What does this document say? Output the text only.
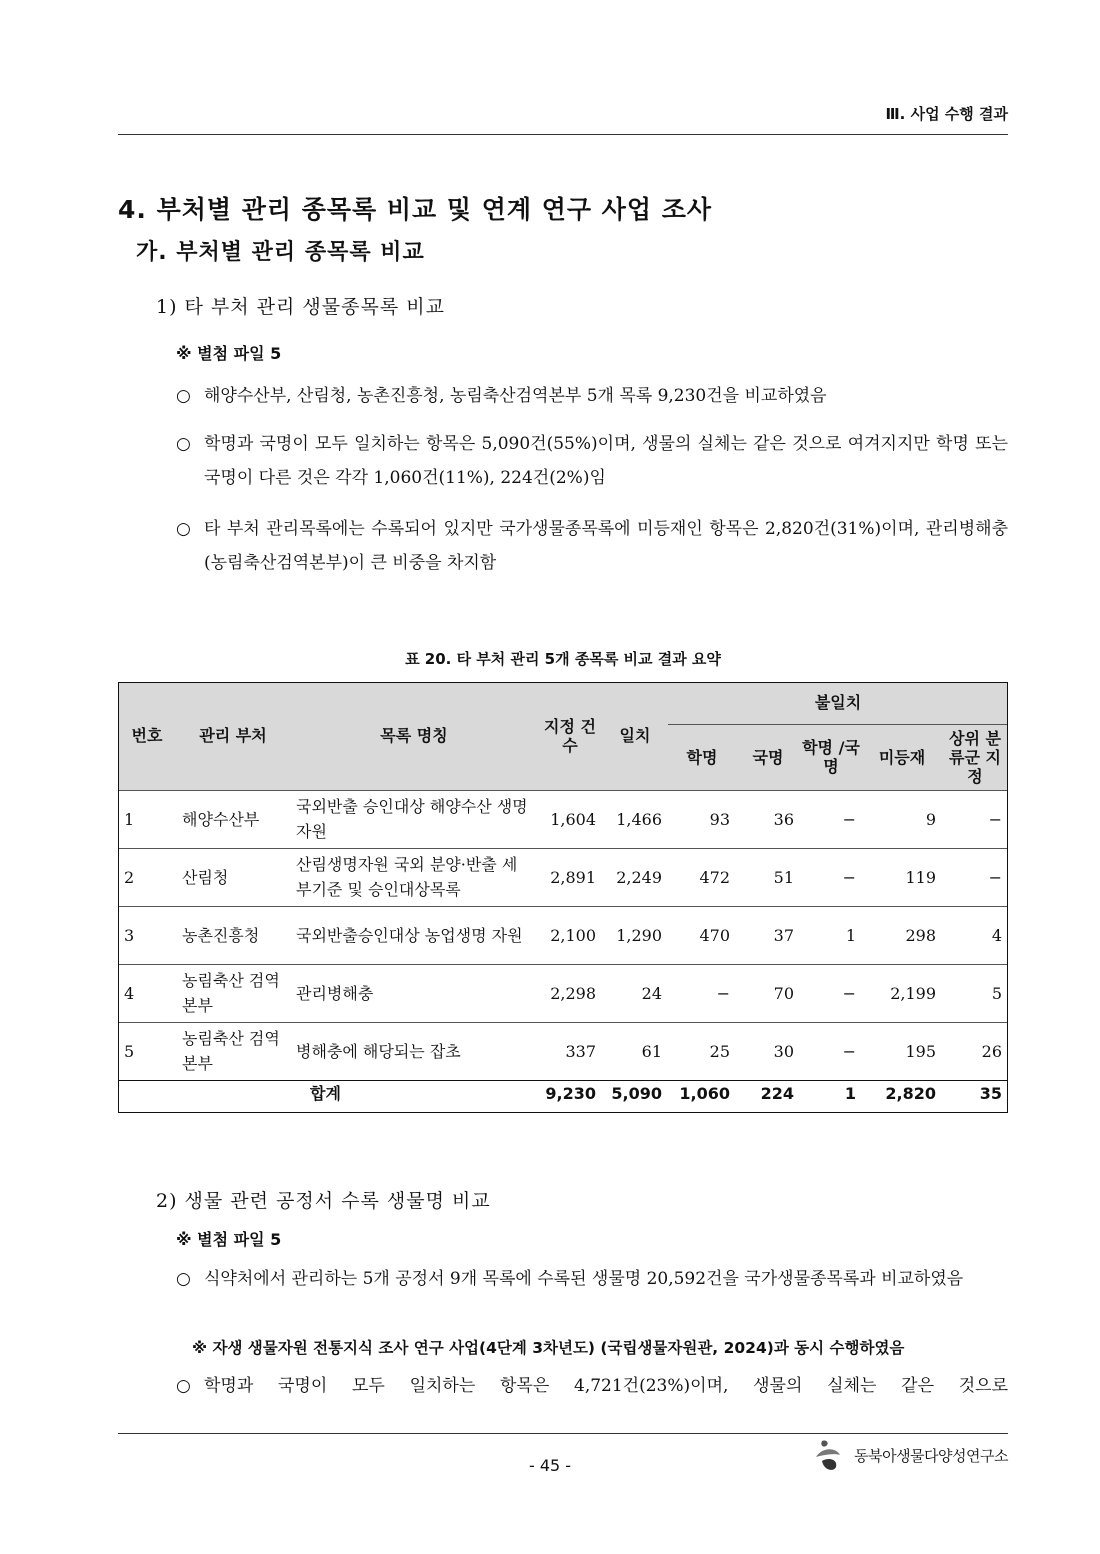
Ⅲ. 사업 수행 결과
4. 부처별 관리 종목록 비교 및 연계 연구 사업 조사
가. 부처별 관리 종목록 비교
1) 타 부처 관리 생물종목록 비교
※ 별첨 파일 5
○ 해양수산부, 산림청, 농촌진흥청, 농림축산검역본부 5개 목록 9,230건을 비교하였음
○ 학명과 국명이 모두 일치하는 항목은 5,090건(55%)이며, 생물의 실체는 같은 것으로 여겨지지만 학명 또는 국명이 다른 것은 각각 1,060건(11%), 224건(2%)임
○ 타 부처 관리목록에는 수록되어 있지만 국가생물종목록에 미등재인 항목은 2,820건(31%)이며, 관리병해충(농림축산검역본부)이 큰 비중을 차지함
표 20. 타 부처 관리 5개 종목록 비교 결과 요약
번호	관리 부처	목록 명칭	지정 건 수	일치	불일치				
					학명	국명	학명 /국명	미등재	상위 분류군 지정
1	해양수산부	국외반출 승인대상 해양수산 생명자원	1,604	1,466	93	36	−	9	−
2	산림청	산림생명자원 국외 분양·반출 세부기준 및 승인대상목록	2,891	2,249	472	51	−	119	−
3	농촌진흥청	국외반출승인대상 농업생명 자원	2,100	1,290	470	37	1	298	4
4	농림축산 검역본부	관리병해충	2,298	24	−	70	−	2,199	5
5	농림축산 검역본부	병해충에 해당되는 잡초	337	61	25	30	−	195	26
합계			9,230	5,090	1,060	224	1	2,820	35
2) 생물 관련 공정서 수록 생물명 비교
※ 별첨 파일 5
○ 식약처에서 관리하는 5개 공정서 9개 목록에 수록된 생물명 20,592건을 국가생물종목록과 비교하였음
※ 자생 생물자원 전통지식 조사 연구 사업(4단계 3차년도) (국립생물자원관, 2024)과 동시 수행하였음
○ 학명과 국명이 모두 일치하는 항목은 4,721건(23%)이며, 생물의 실체는 같은 것으로
- 45 -
동북아생물다양성연구소
